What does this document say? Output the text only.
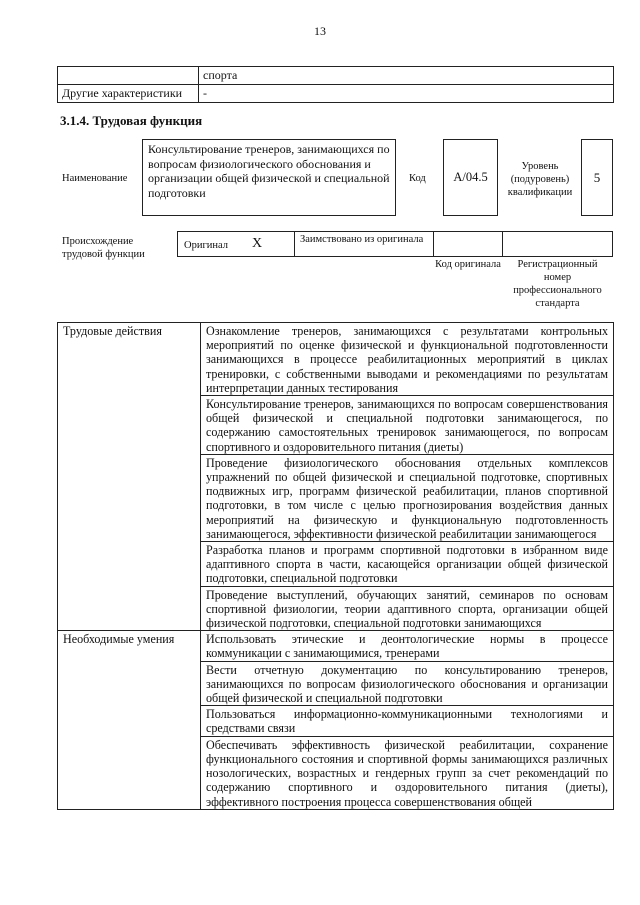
13
	спорта
Другие характеристики	-
3.1.4. Трудовая функция
Наименование
Консультирование тренеров, занимающихся по вопросам физиологического обоснования и организации общей физической и специальной подготовки
Код А/04.5
Уровень (подуровень) квалификации
5
Происхождение трудовой функции
Оригинал X	Заимствовано из оригинала
Код оригинала	Регистрационный номер профессионального стандарта
Трудовые действия	Ознакомление тренеров, занимающихся с результатами контрольных мероприятий по оценке физической и функциональной подготовленности занимающихся в процессе реабилитационных мероприятий в циклах тренировки, с собственными выводами и рекомендациями по результатам интерпретации данных тестирования
	Консультирование тренеров, занимающихся по вопросам совершенствования общей физической и специальной подготовки занимающегося, по содержанию самостоятельных тренировок занимающегося, по вопросам спортивного и оздоровительного питания (диеты)
	Проведение физиологического обоснования отдельных комплексов упражнений по общей физической и специальной подготовке, спортивных подвижных игр, программ физической реабилитации, планов спортивной подготовки, в том числе с целью прогнозирования воздействия данных мероприятий на физическую и функциональную подготовленность занимающегося, эффективности физической реабилитации занимающегося
	Разработка планов и программ спортивной подготовки в избранном виде адаптивного спорта в части, касающейся организации общей физической подготовки, специальной подготовки
	Проведение выступлений, обучающих занятий, семинаров по основам спортивной физиологии, теории адаптивного спорта, организации общей физической подготовки, специальной подготовки занимающихся
Необходимые умения	Использовать этические и деонтологические нормы в процессе коммуникации с занимающимися, тренерами
	Вести отчетную документацию по консультированию тренеров, занимающихся по вопросам физиологического обоснования и организации общей физической и специальной подготовки
	Пользоваться информационно-коммуникационными технологиями и средствами связи
	Обеспечивать эффективность физической реабилитации, сохранение функционального состояния и спортивной формы занимающихся различных нозологических, возрастных и гендерных групп за счет рекомендаций по содержанию спортивного и оздоровительного питания (диеты), эффективного построения процесса совершенствования общей
